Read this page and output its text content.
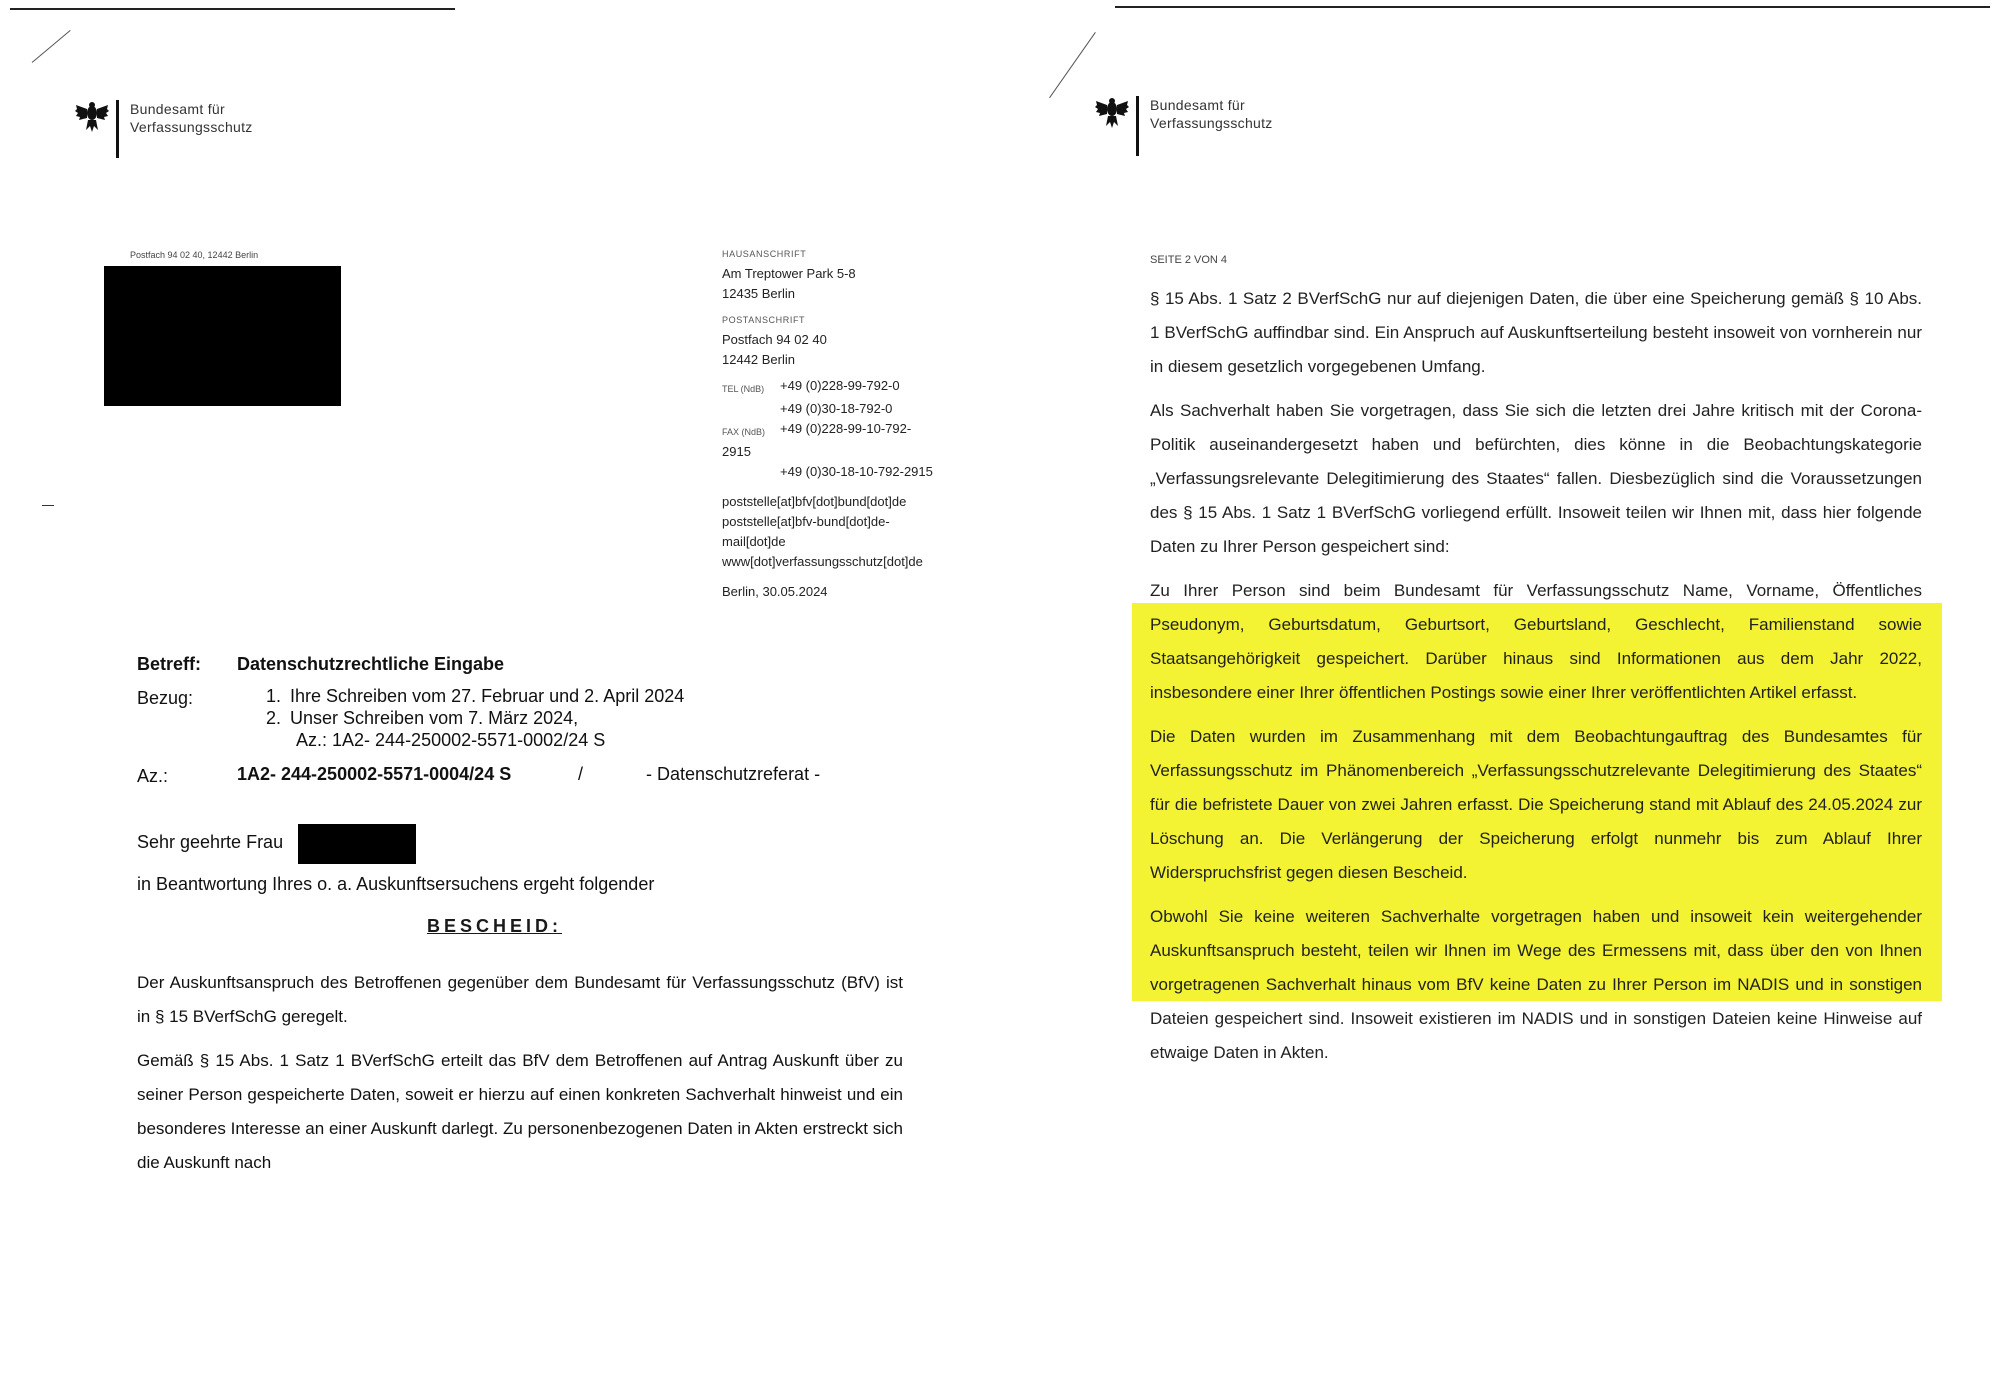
Bundesamt für
Verfassungsschutz
Postfach 94 02 40, 12442 Berlin	HAUSANSCHRIFT
Am Treptower Park 5-8
12435 Berlin
POSTANSCHRIFT
Postfach 94 02 40
12442 Berlin
TEL (NdB)	+49 (0)228-99-792-0
+49 (0)30-18-792-0
FAX (NdB)	+49 (0)228-99-10-792-
2915
+49 (0)30-18-10-792-2915
poststelle[at]bfv[dot]bund[dot]de
poststelle[at]bfv-bund[dot]de-
mail[dot]de
www[dot]verfassungsschutz[dot]de
Berlin, 30.05.2024
Betreff: Datenschutzrechtliche Eingabe
Bezug:	1. Ihre Schreiben vom 27. Februar und 2. April 2024
2. Unser Schreiben vom 7. März 2024,
Az.: 1A2- 244-250002-5571-0002/24 S
Az.:	1A2- 244-250002-5571-0004/24 S	/	- Datenschutzreferat -
Sehr geehrte Frau
in Beantwortung Ihres o. a. Auskunftsersuchens ergeht folgender
BESCHEID:

Der Auskunftsanspruch des Betroffenen gegenüber dem Bundesamt für Verfassungsschutz (BfV) ist in § 15 BVerfSchG geregelt.

Gemäß § 15 Abs. 1 Satz 1 BVerfSchG erteilt das BfV dem Betroffenen auf Antrag Auskunft über zu seiner Person gespeicherte Daten, soweit er hierzu auf einen konkreten Sachverhalt hinweist und ein besonderes Interesse an einer Auskunft darlegt. Zu personenbezogenen Daten in Akten erstreckt sich die Auskunft nach

Bundesamt für
Verfassungsschutz
SEITE 2 VON 4

§ 15 Abs. 1 Satz 2 BVerfSchG nur auf diejenigen Daten, die über eine Speicherung gemäß § 10 Abs. 1 BVerfSchG auffindbar sind. Ein Anspruch auf Auskunftserteilung besteht insoweit von vornherein nur in diesem gesetzlich vorgegebenen Umfang.

Als Sachverhalt haben Sie vorgetragen, dass Sie sich die letzten drei Jahre kritisch mit der Corona-Politik auseinandergesetzt haben und befürchten, dies könne in die Beobachtungskategorie „Verfassungsrelevante Delegitimierung des Staates“ fallen. Diesbezüglich sind die Voraussetzungen des § 15 Abs. 1 Satz 1 BVerfSchG vorliegend erfüllt. Insoweit teilen wir Ihnen mit, dass hier folgende Daten zu Ihrer Person gespeichert sind:

Zu Ihrer Person sind beim Bundesamt für Verfassungsschutz Name, Vorname, Öffentliches Pseudonym, Geburtsdatum, Geburtsort, Geburtsland, Geschlecht, Familienstand sowie Staatsangehörigkeit gespeichert. Darüber hinaus sind Informationen aus dem Jahr 2022, insbesondere einer Ihrer öffentlichen Postings sowie einer Ihrer veröffentlichten Artikel erfasst.

Die Daten wurden im Zusammenhang mit dem Beobachtungauftrag des Bundesamtes für Verfassungsschutz im Phänomenbereich „Verfassungsschutzrelevante Delegitimierung des Staates“ für die befristete Dauer von zwei Jahren erfasst. Die Speicherung stand mit Ablauf des 24.05.2024 zur Löschung an. Die Verlängerung der Speicherung erfolgt nunmehr bis zum Ablauf Ihrer Widerspruchsfrist gegen diesen Bescheid.

Obwohl Sie keine weiteren Sachverhalte vorgetragen haben und insoweit kein weitergehender Auskunftsanspruch besteht, teilen wir Ihnen im Wege des Ermessens mit, dass über den von Ihnen vorgetragenen Sachverhalt hinaus vom BfV keine Daten zu Ihrer Person im NADIS und in sonstigen Dateien gespeichert sind. Insoweit existieren im NADIS und in sonstigen Dateien keine Hinweise auf etwaige Daten in Akten.
